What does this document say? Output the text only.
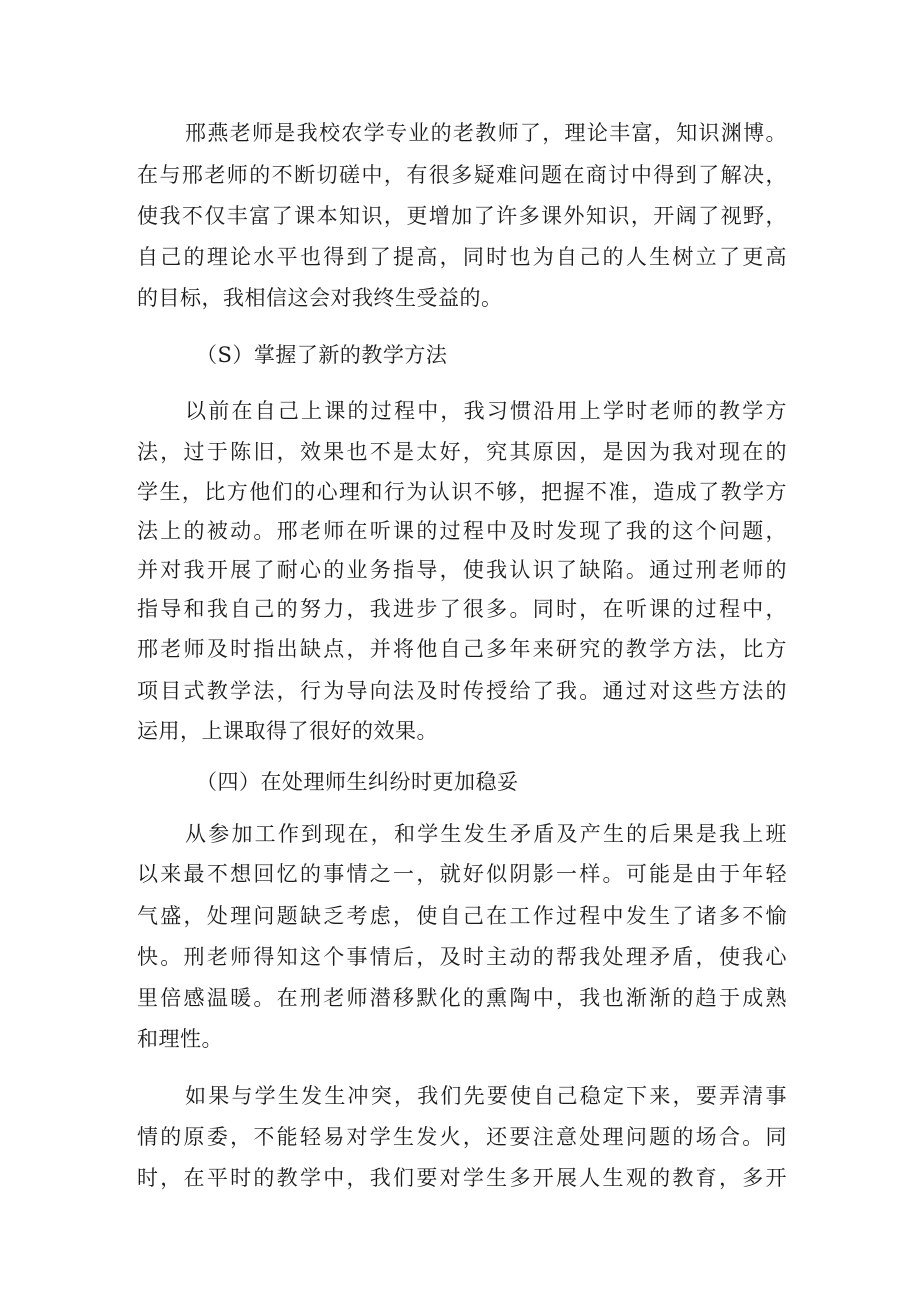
邢燕老师是我校农学专业的老教师了，理论丰富，知识渊博。
在与邢老师的不断切磋中，有很多疑难问题在商讨中得到了解决，
使我不仅丰富了课本知识，更增加了许多课外知识，开阔了视野，
自己的理论水平也得到了提高，同时也为自己的人生树立了更高
的目标，我相信这会对我终生受益的。
（S）掌握了新的教学方法
以前在自己上课的过程中，我习惯沿用上学时老师的教学方
法，过于陈旧，效果也不是太好，究其原因，是因为我对现在的
学生，比方他们的心理和行为认识不够，把握不准，造成了教学方
法上的被动。邢老师在听课的过程中及时发现了我的这个问题，
并对我开展了耐心的业务指导，使我认识了缺陷。通过刑老师的
指导和我自己的努力，我进步了很多。同时，在听课的过程中，
邢老师及时指出缺点，并将他自己多年来研究的教学方法，比方
项目式教学法，行为导向法及时传授给了我。通过对这些方法的
运用，上课取得了很好的效果。
（四）在处理师生纠纷时更加稳妥
从参加工作到现在，和学生发生矛盾及产生的后果是我上班
以来最不想回忆的事情之一，就好似阴影一样。可能是由于年轻
气盛，处理问题缺乏考虑，使自己在工作过程中发生了诸多不愉
快。刑老师得知这个事情后，及时主动的帮我处理矛盾，使我心
里倍感温暖。在刑老师潜移默化的熏陶中，我也渐渐的趋于成熟
和理性。
如果与学生发生冲突，我们先要使自己稳定下来，要弄清事
情的原委，不能轻易对学生发火，还要注意处理问题的场合。同
时，在平时的教学中，我们要对学生多开展人生观的教育，多开
